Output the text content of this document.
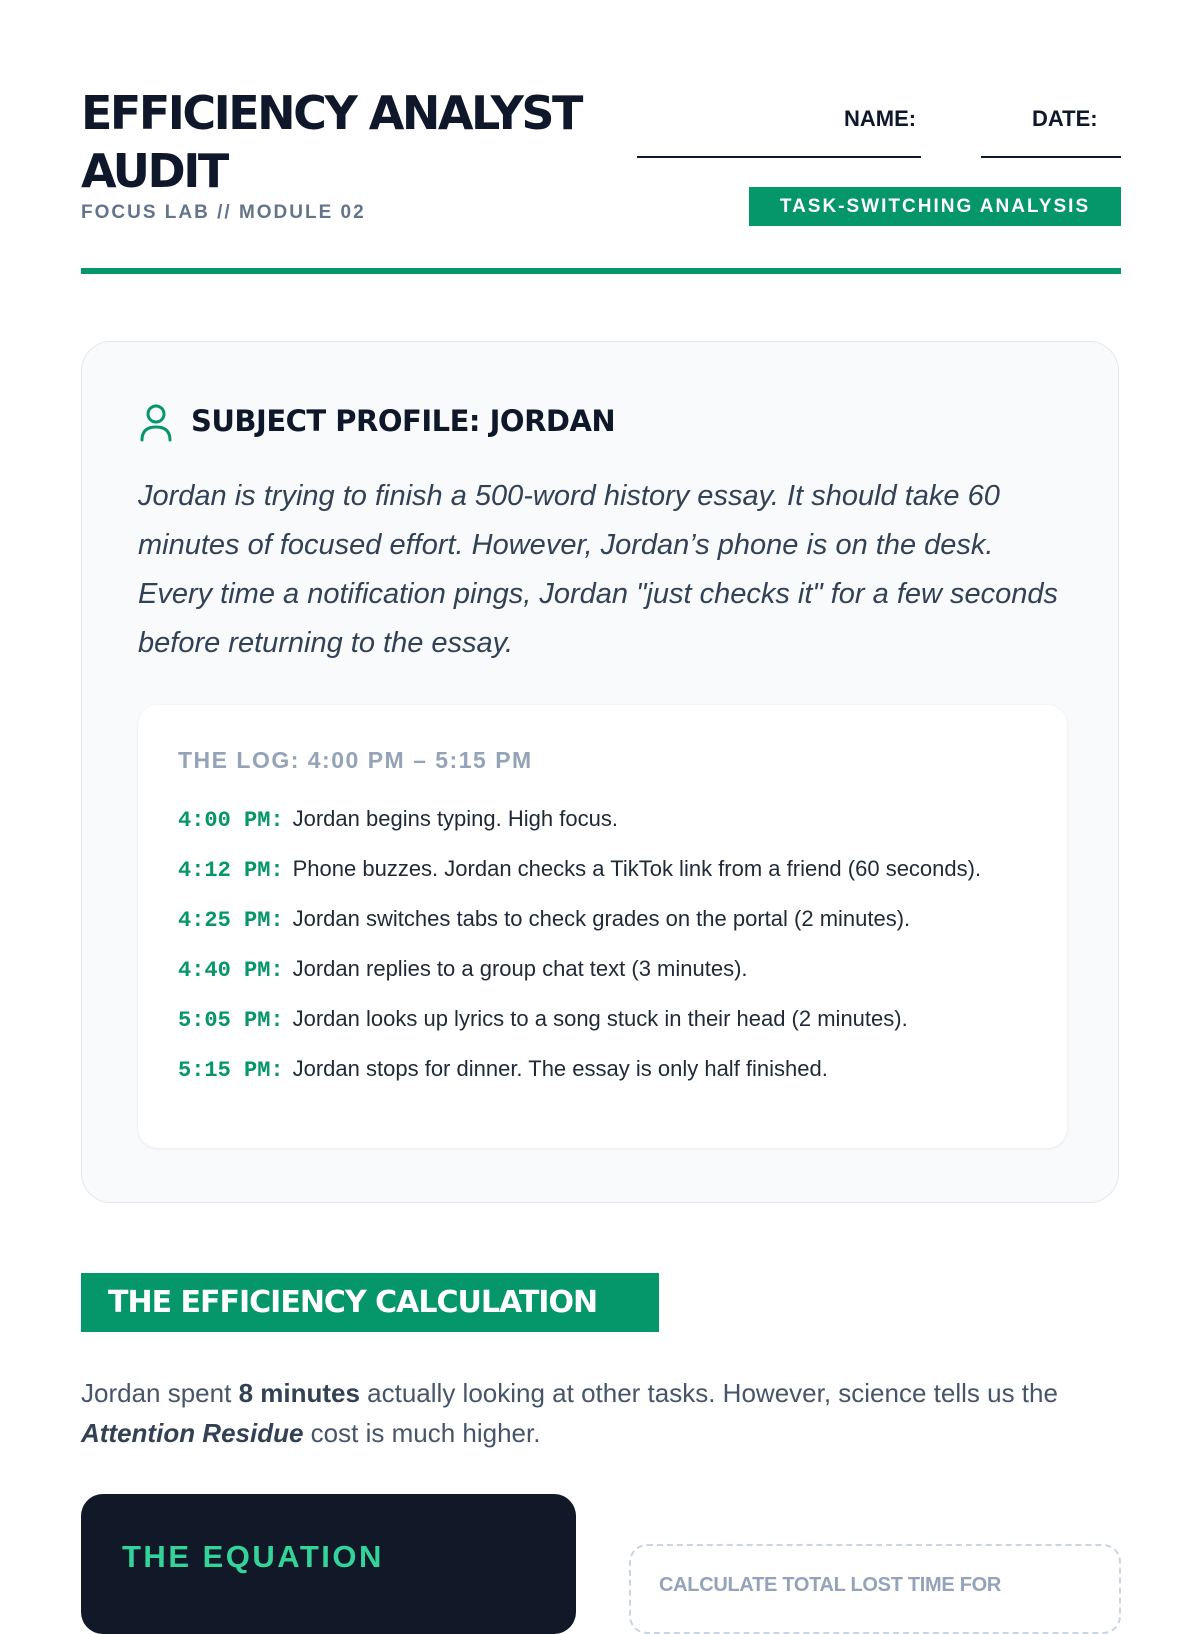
EFFICIENCY ANALYST AUDIT
FOCUS LAB // MODULE 02
NAME:	DATE:
TASK-SWITCHING ANALYSIS
SUBJECT PROFILE: JORDAN

Jordan is trying to finish a 500-word history essay. It should take 60 minutes of focused effort. However, Jordan’s phone is on the desk. Every time a notification pings, Jordan "just checks it" for a few seconds before returning to the essay.

THE LOG: 4:00 PM – 5:15 PM
4:00 PM: Jordan begins typing. High focus.
4:12 PM: Phone buzzes. Jordan checks a TikTok link from a friend (60 seconds).
4:25 PM: Jordan switches tabs to check grades on the portal (2 minutes).
4:40 PM: Jordan replies to a group chat text (3 minutes).
5:05 PM: Jordan looks up lyrics to a song stuck in their head (2 minutes).
5:15 PM: Jordan stops for dinner. The essay is only half finished.
THE EFFICIENCY CALCULATION

Jordan spent 8 minutes actually looking at other tasks. However, science tells us the Attention Residue cost is much higher.

THE EQUATION
CALCULATE TOTAL LOST TIME FOR
